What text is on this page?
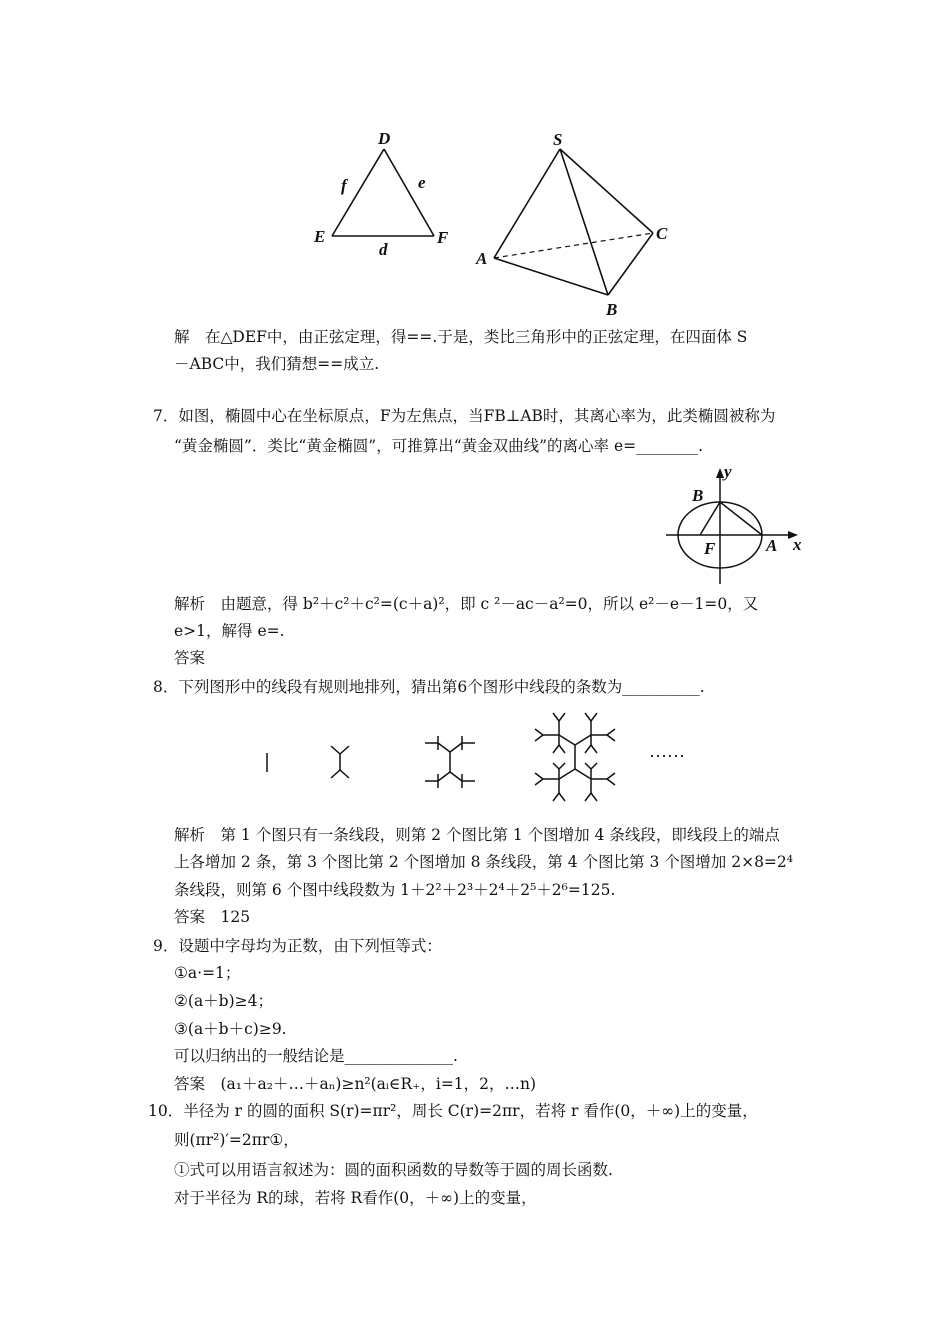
D
E	F
f	e
d
S
A
B
C
解　在△DEF中，由正弦定理，得==.于是，类比三角形中的正弦定理，在四面体 S
－ABC中，我们猜想==成立.
7．如图，椭圆中心在坐标原点，F为左焦点，当FB⊥AB时，其离心率为，此类椭圆被称为
“黄金椭圆”．类比“黄金椭圆”，可推算出“黄金双曲线”的离心率 e=________.
y
x
B
F	A
解析　由题意，得 b²＋c²＋c²=(c＋a)²，即 c ²－ac－a²=0，所以 e²－e－1=0，又
e>1，解得 e=.
答案
8．下列图形中的线段有规则地排列，猜出第6个图形中线段的条数为__________.
……
解析　第 1 个图只有一条线段，则第 2 个图比第 1 个图增加 4 条线段，即线段上的端点
上各增加 2 条，第 3 个图比第 2 个图增加 8 条线段，第 4 个图比第 3 个图增加 2×8=2⁴
条线段，则第 6 个图中线段数为 1＋2²＋2³＋2⁴＋2⁵＋2⁶=125.
答案　125
9．设题中字母均为正数，由下列恒等式：
①a·=1；
②(a＋b)≥4；
③(a＋b＋c)≥9.
可以归纳出的一般结论是______________.
答案　(a₁＋a₂＋…＋aₙ)≥n²(aᵢ∈R₊，i=1，2，…n)
10．半径为 r 的圆的面积 S(r)=πr²，周长 C(r)=2πr，若将 r 看作(0，＋∞)上的变量，
则(πr²)′=2πr①，
①式可以用语言叙述为：圆的面积函数的导数等于圆的周长函数.
对于半径为 R的球，若将 R看作(0，＋∞)上的变量，
